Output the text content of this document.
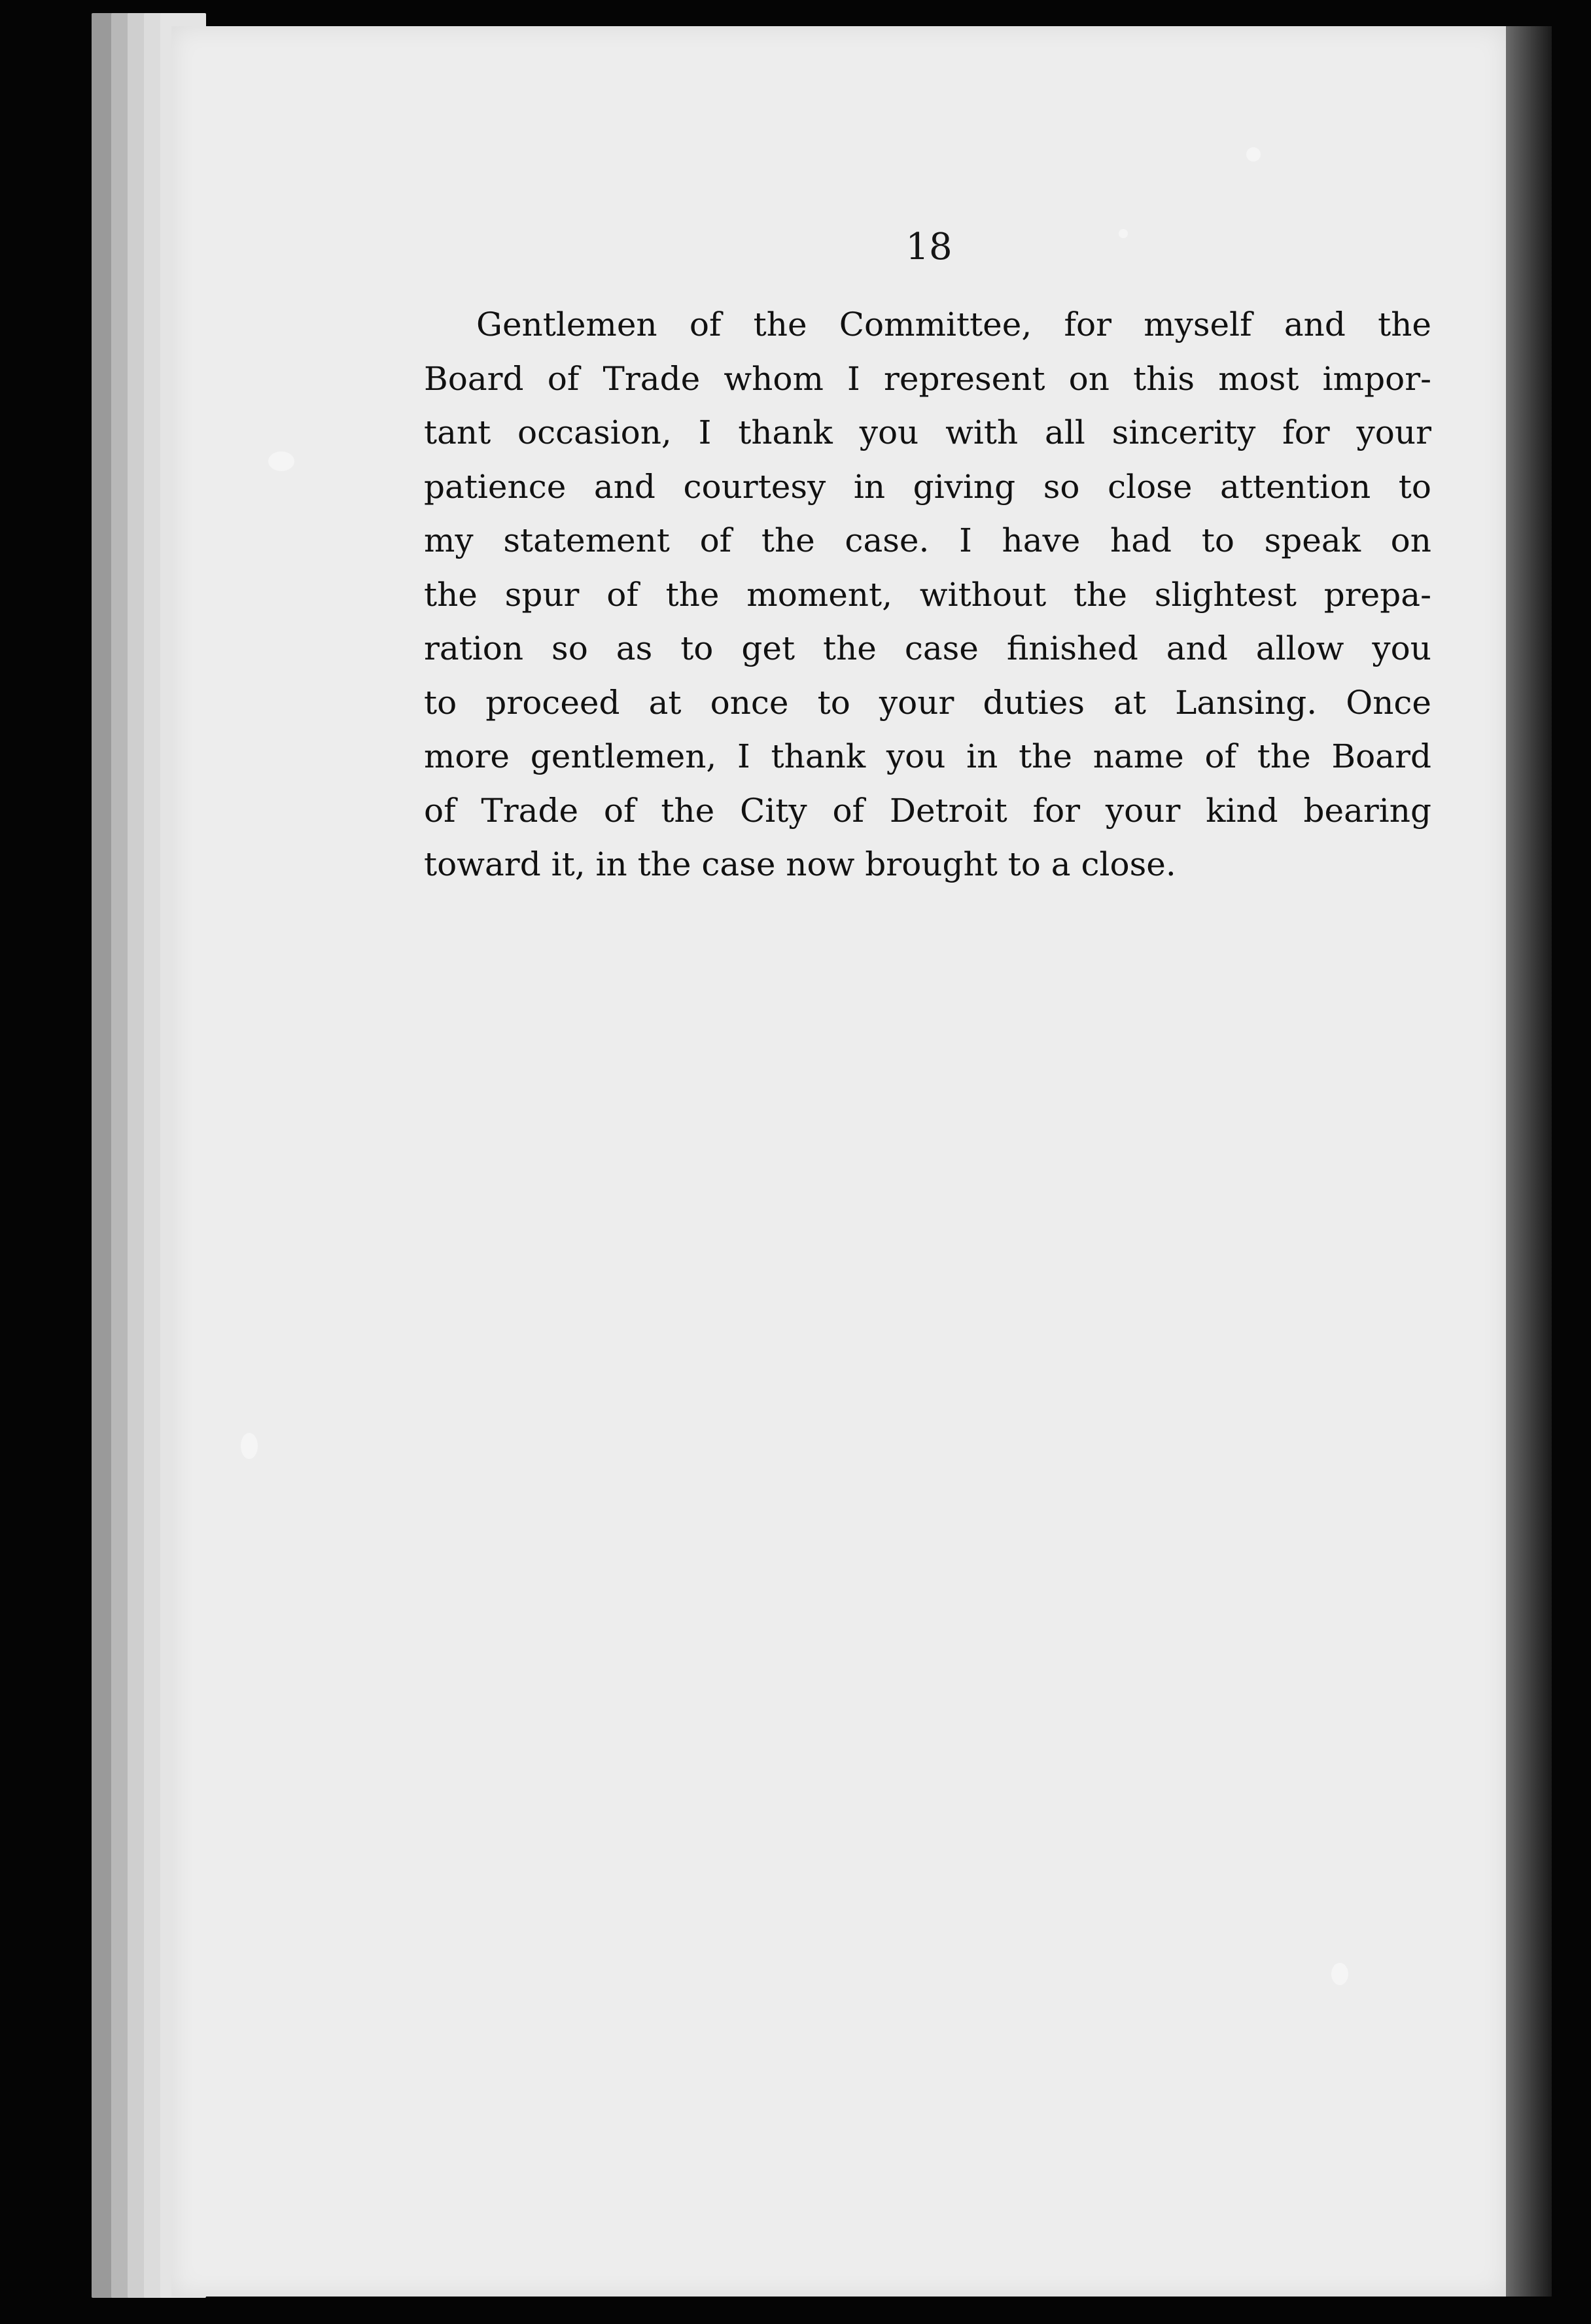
18

Gentlemen of the Committee, for myself and the
Board of Trade whom I represent on this most impor-
tant occasion, I thank you with all sincerity for your
patience and courtesy in giving so close attention to
my statement of the case. I have had to speak on
the spur of the moment, without the slightest prepa-
ration so as to get the case finished and allow you
to proceed at once to your duties at Lansing. Once
more gentlemen, I thank you in the name of the Board
of Trade of the City of Detroit for your kind bearing
toward it, in the case now brought to a close.
